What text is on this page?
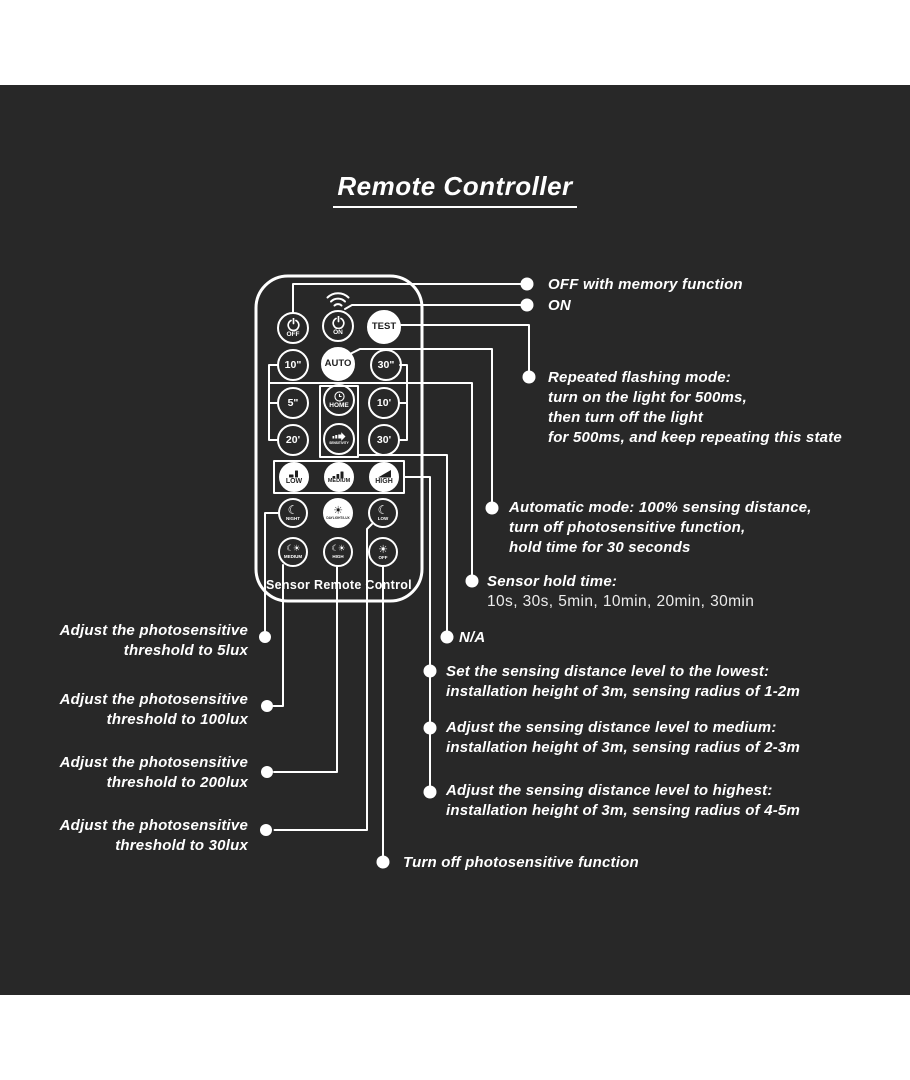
Remote Controller
OFF	ON	TEST
10" AUTO	30"
5"	HOME	10'
20'	SENSITIVITY	30'
LOW	MEDIUM	HIGH
☾
NIGHT
☀
DAYLIGHT/LUX
☾
LOW
☾☀
MEDIUM
☾☀
HIGH
☀
OFF
Sensor Remote Control
OFF with memory function
ON
Repeated flashing mode:
turn on the light for 500ms,
then turn off the light
for 500ms, and keep repeating this state
Automatic mode: 100% sensing distance,
turn off photosensitive function,
hold time for 30 seconds
Sensor hold time:
10s, 30s, 5min, 10min, 20min, 30min
N/A
Set the sensing distance level to the lowest:
installation height of 3m, sensing radius of 1-2m
Adjust the sensing distance level to medium:
installation height of 3m, sensing radius of 2-3m
Adjust the sensing distance level to highest:
installation height of 3m, sensing radius of 4-5m
Turn off photosensitive function
Adjust the photosensitive
threshold to 5lux
Adjust the photosensitive
threshold to 100lux
Adjust the photosensitive
threshold to 200lux
Adjust the photosensitive
threshold to 30lux
